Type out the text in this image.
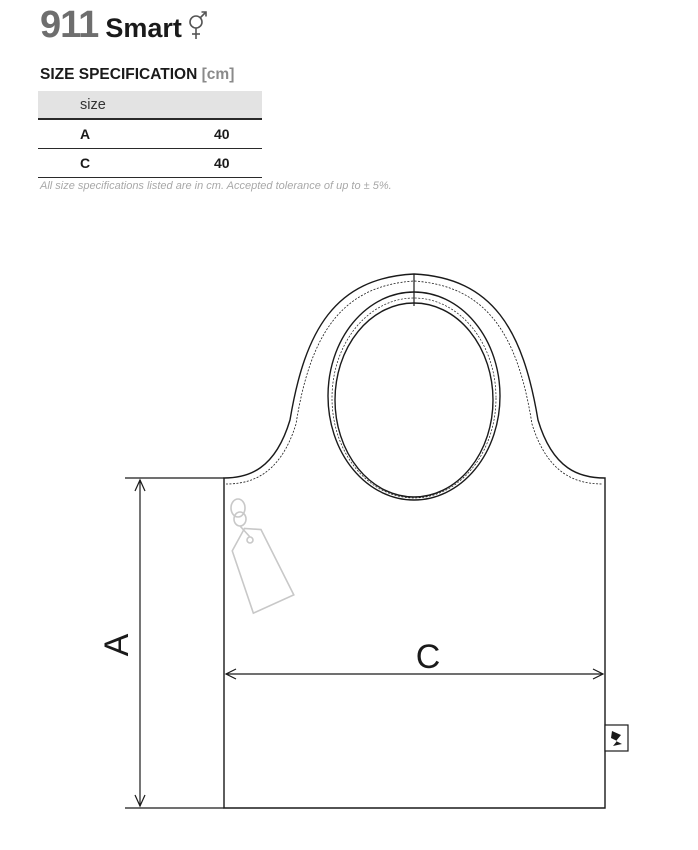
911 Smart
SIZE SPECIFICATION [cm]
size	
A	40
C	40
All size specifications listed are in cm. Accepted tolerance of up to ± 5%.
A	C
